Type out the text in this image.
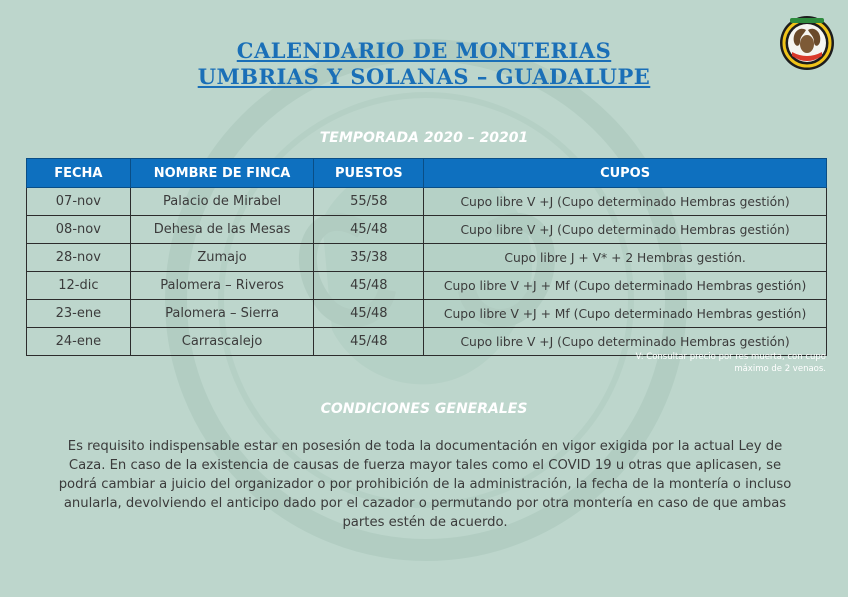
CALENDARIO DE MONTERIAS
UMBRIAS Y SOLANAS – GUADALUPE
TEMPORADA 2020 – 20201
FECHA	NOMBRE DE FINCA	PUESTOS	CUPOS
07-nov	Palacio de Mirabel	55/58	Cupo libre V +J (Cupo determinado Hembras gestión)
08-nov	Dehesa de las Mesas	45/48	Cupo libre V +J (Cupo determinado Hembras gestión)
28-nov	Zumajo	35/38	Cupo libre J + V* + 2 Hembras gestión.
12-dic	Palomera – Riveros	45/48	Cupo libre V +J + Mf (Cupo determinado Hembras gestión)
23-ene	Palomera – Sierra	45/48	Cupo libre V +J + Mf (Cupo determinado Hembras gestión)
24-ene	Carrascalejo	45/48	Cupo libre V +J (Cupo determinado Hembras gestión)
V: Consultar precio por res muerta, con cupo
máximo de 2 venaos.
CONDICIONES GENERALES
Es requisito indispensable estar en posesión de toda la documentación en vigor exigida por la actual Ley de Caza. En caso de la existencia de causas de fuerza mayor tales como el COVID 19 u otras que aplicasen, se podrá cambiar a juicio del organizador o por prohibición de la administración, la fecha de la montería o incluso anularla, devolviendo el anticipo dado por el cazador o permutando por otra montería en caso de que ambas partes estén de acuerdo.
